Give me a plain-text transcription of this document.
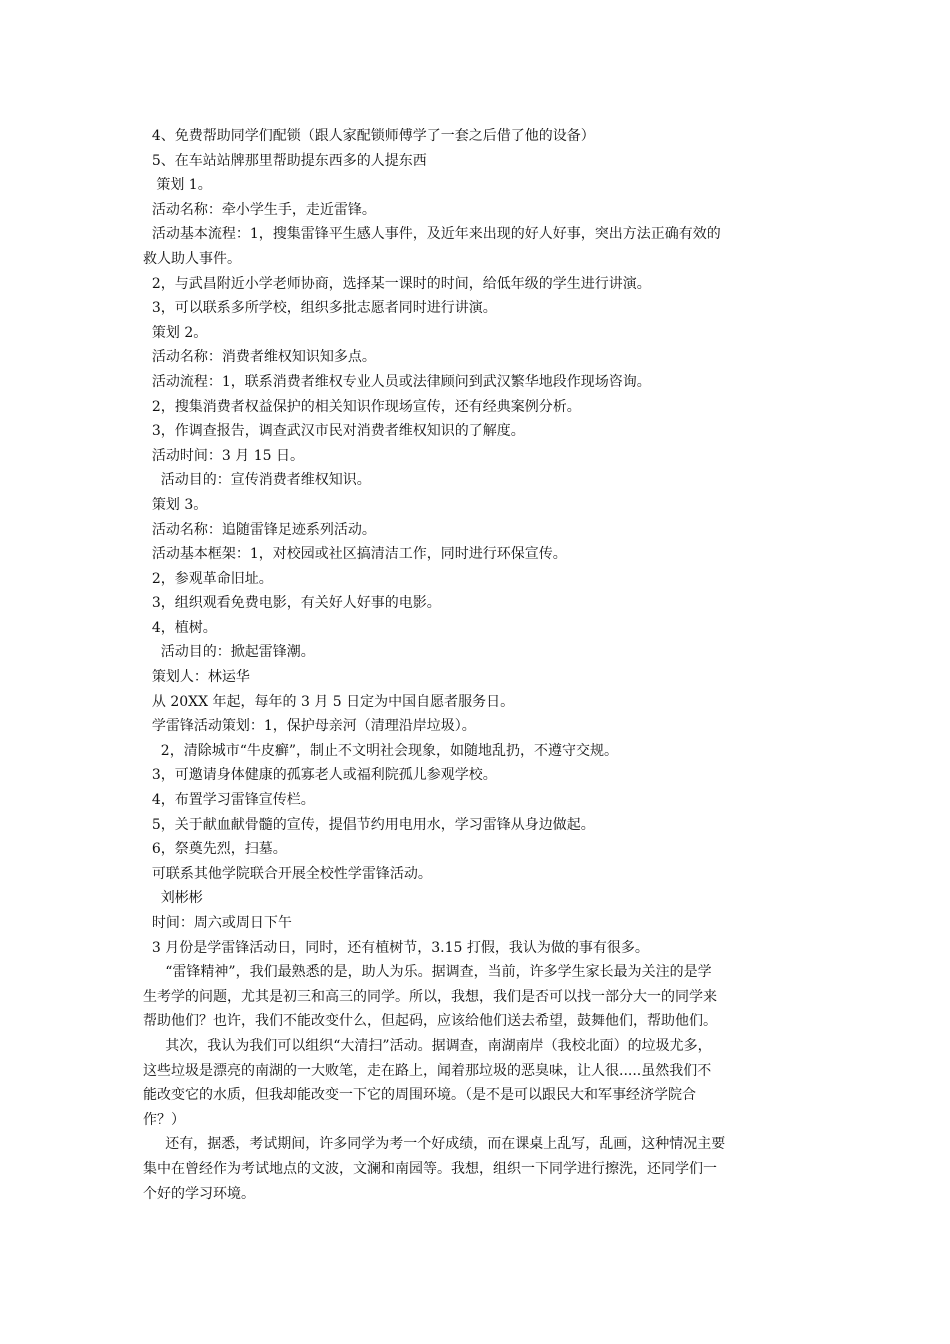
4、免费帮助同学们配锁（跟人家配锁师傅学了一套之后借了他的设备）
5、在车站站牌那里帮助提东西多的人提东西
策划 1。
活动名称：牵小学生手，走近雷锋。
活动基本流程：1，搜集雷锋平生感人事件，及近年来出现的好人好事，突出方法正确有效的
救人助人事件。
2，与武昌附近小学老师协商，选择某一课时的时间，给低年级的学生进行讲演。
3，可以联系多所学校，组织多批志愿者同时进行讲演。
策划 2。
活动名称：消费者维权知识知多点。
活动流程：1，联系消费者维权专业人员或法律顾问到武汉繁华地段作现场咨询。
2，搜集消费者权益保护的相关知识作现场宣传，还有经典案例分析。
3，作调查报告，调查武汉市民对消费者维权知识的了解度。
活动时间：3 月 15 日。
活动目的：宣传消费者维权知识。
策划 3。
活动名称：追随雷锋足迹系列活动。
活动基本框架：1，对校园或社区搞清洁工作，同时进行环保宣传。
2，参观革命旧址。
3，组织观看免费电影，有关好人好事的电影。
4，植树。
活动目的：掀起雷锋潮。
策划人：林运华
从 20XX 年起，每年的 3 月 5 日定为中国自愿者服务日。
学雷锋活动策划：1，保护母亲河（清理沿岸垃圾）。
2，清除城市“牛皮癣”，制止不文明社会现象，如随地乱扔，不遵守交规。
3，可邀请身体健康的孤寡老人或福利院孤儿参观学校。
4，布置学习雷锋宣传栏。
5，关于献血献骨髓的宣传，提倡节约用电用水，学习雷锋从身边做起。
6，祭奠先烈，扫墓。
可联系其他学院联合开展全校性学雷锋活动。
刘彬彬
时间：周六或周日下午
3 月份是学雷锋活动日，同时，还有植树节，3.15 打假，我认为做的事有很多。
“雷锋精神”，我们最熟悉的是，助人为乐。据调查，当前，许多学生家长最为关注的是学
生考学的问题，尤其是初三和高三的同学。所以，我想，我们是否可以找一部分大一的同学来
帮助他们？也许，我们不能改变什么，但起码，应该给他们送去希望，鼓舞他们，帮助他们。
其次，我认为我们可以组织“大清扫”活动。据调查，南湖南岸（我校北面）的垃圾尤多，
这些垃圾是漂亮的南湖的一大败笔，走在路上，闻着那垃圾的恶臭味，让人很.....虽然我们不
能改变它的水质，但我却能改变一下它的周围环境。（是不是可以跟民大和军事经济学院合
作？）
还有，据悉，考试期间，许多同学为考一个好成绩，而在课桌上乱写，乱画，这种情况主要
集中在曾经作为考试地点的文波，文澜和南园等。我想，组织一下同学进行擦洗，还同学们一
个好的学习环境。
